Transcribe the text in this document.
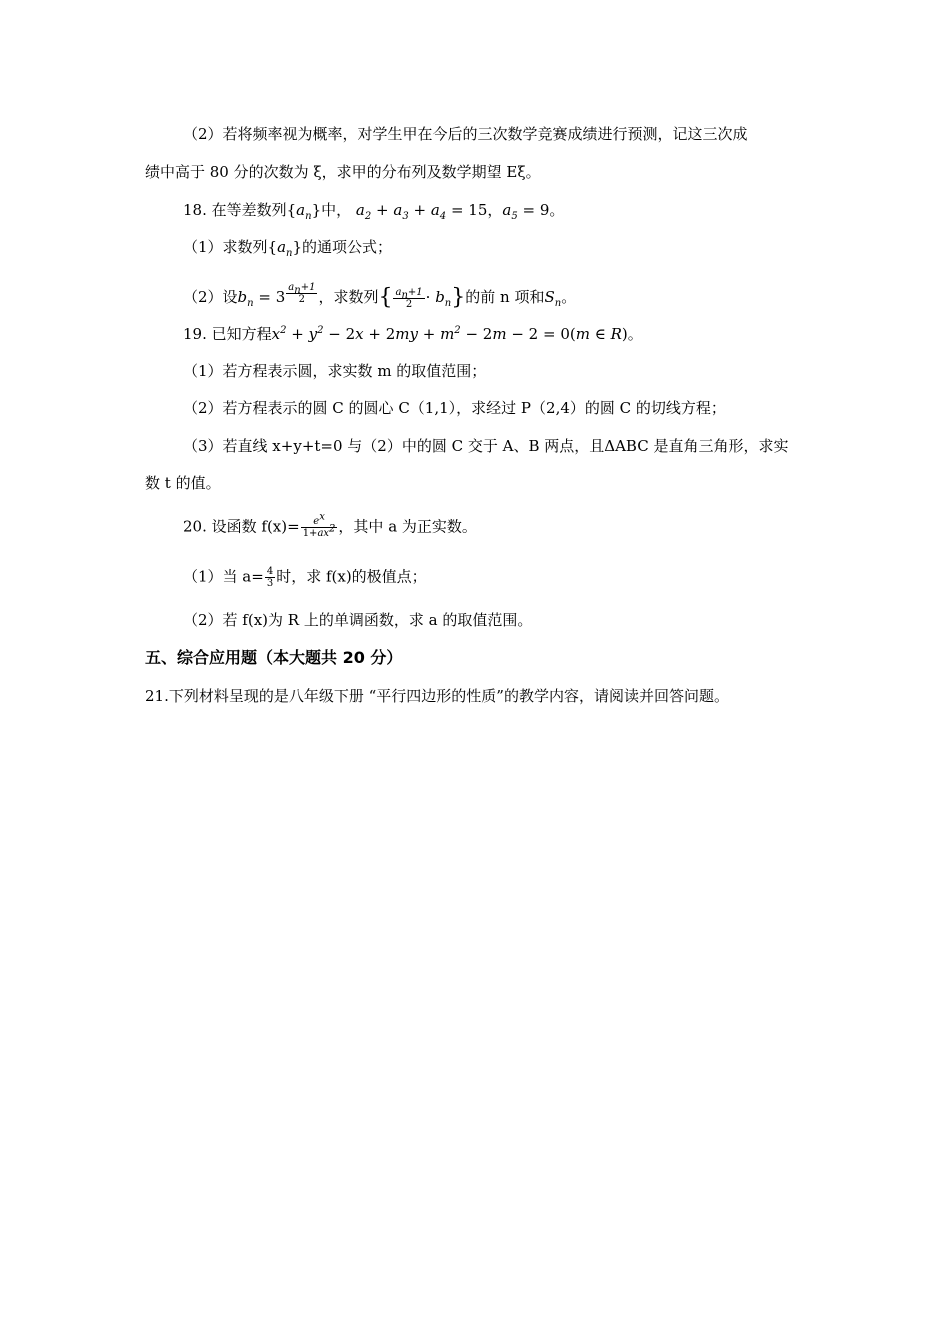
（2）若将频率视为概率，对学生甲在今后的三次数学竞赛成绩进行预测，记这三次成
绩中高于 80 分的次数为 ξ，求甲的分布列及数学期望 Eξ。
18. 在等差数列$\{a_n\}$中， $a_2 + a_3 + a_4 = 15$，$a_5 = 9$。
（1）求数列$\{a_n\}$的通项公式；
（2）设$b_n = 3$ $^{\frac{a_n+1}{2}}$ ，求数列{ $\frac{a_n+1}{2} \cdot b_n$}的前 n 项和$S_n$。
19. 已知方程$x^2 + y^2 - 2x + 2my + m^2 - 2m - 2 = 0(m$ ∈ R)。
（1）若方程表示圆，求实数 m 的取值范围；
（2）若方程表示的圆 C 的圆心 C（1,1），求经过 P（2,4）的圆 C 的切线方程；
（3）若直线 x+y+t=0 与（2）中的圆 C 交于 A、B 两点，且ΔABC 是直角三角形，求实
数 t 的值。
20. 设函数 $f(x)= \frac{e^x}{1+ax^2}$ ，其中 a 为正实数。
（1）当 $a= \frac{4}{3}$ 时，求 f(x)的极值点；
（2）若 f(x)为 R 上的单调函数，求 a 的取值范围。
五、综合应用题（本大题共 20 分）
21.下列材料呈现的是八年级下册 “平行四边形的性质”的教学内容，请阅读并回答问题。
